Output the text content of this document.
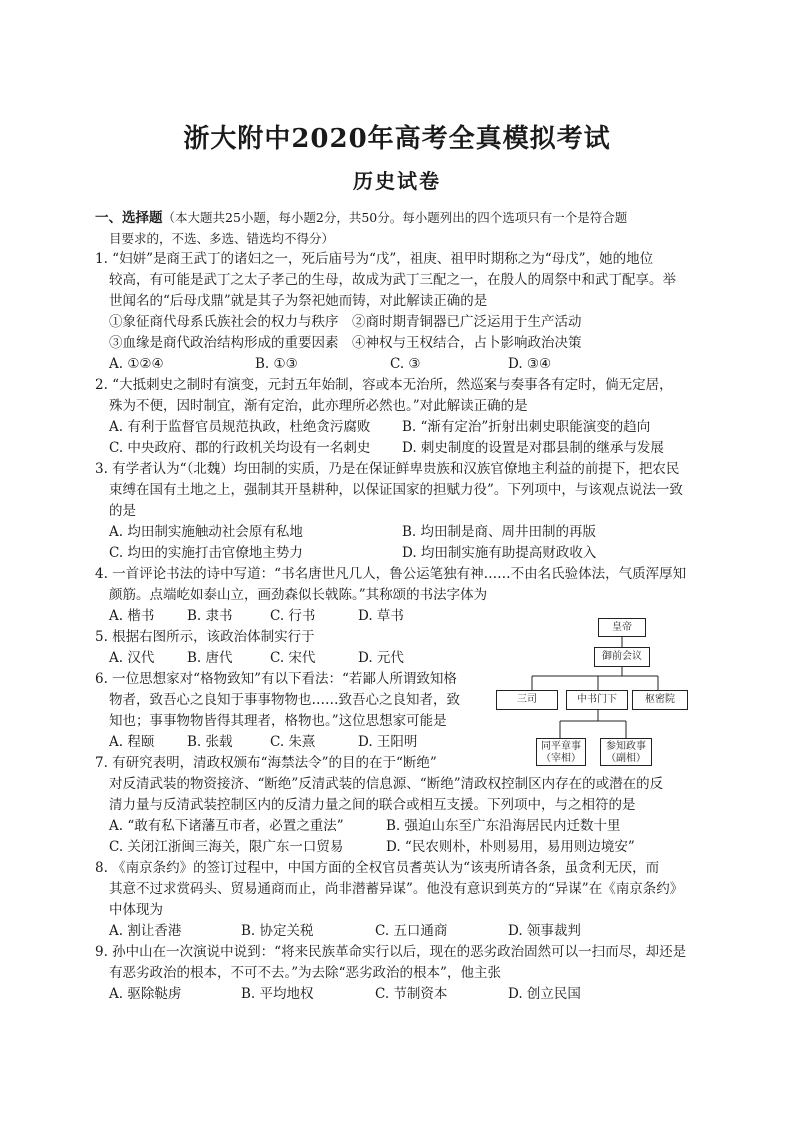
浙大附中2020年高考全真模拟考试
历史试卷
一、选择题（本大题共25小题，每小题2分，共50分。每小题列出的四个选项只有一个是符合题
目要求的，不选、多选、错选均不得分）
1. “妇姘”是商王武丁的诸妇之一，死后庙号为“戊”，祖庚、祖甲时期称之为“母戊”，她的地位
较高，有可能是武丁之太子孝己的生母，故成为武丁三配之一，在殷人的周祭中和武丁配享。举
世闻名的“后母戊鼎”就是其子为祭祀她而铸，对此解读正确的是
①象征商代母系氏族社会的权力与秩序　②商时期青铜器已广泛运用于生产活动
③血缘是商代政治结构形成的重要因素　④神权与王权结合，占卜影响政治决策
A. ①②④	B. ①③	C. ③	D. ③④
2. “大抵刺史之制时有演变，元封五年始制，容或本无治所，然巡案与奏事各有定时，倘无定居，
殊为不便，因时制宜，渐有定治，此亦理所必然也。”对此解读正确的是
A. 有利于监督官员规范执政，杜绝贪污腐败 B. “渐有定治”折射出刺史职能演变的趋向
C. 中央政府、郡的行政机关均设有一名刺史 D. 刺史制度的设置是对郡县制的继承与发展
3. 有学者认为“（北魏）均田制的实质，乃是在保证鲜卑贵族和汉族官僚地主利益的前提下，把农民
束缚在国有土地之上，强制其开垦耕种，以保证国家的担赋力役”。下列项中，与该观点说法一致
的是
A. 均田制实施触动社会原有私地	B. 均田制是商、周井田制的再版
C. 均田的实施打击官僚地主势力	D. 均田制实施有助提高财政收入
4. 一首评论书法的诗中写道：“书名唐世凡几人，鲁公运笔独有神……不由名氏验体法，气质浑厚知
颜筋。点端屹如泰山立，画劲森似长戟陈。”其称颂的书法字体为
A. 楷书 B. 隶书	C. 行书	D. 草书
5. 根据右图所示，该政治体制实行于
A. 汉代 B. 唐代	C. 宋代	D. 元代
6. 一位思想家对“格物致知”有以下看法：“若鄙人所谓致知格
物者，致吾心之良知于事事物物也……致吾心之良知者，致
知也；事事物物皆得其理者，格物也。”这位思想家可能是
A. 程颐 B. 张载	C. 朱熹	D. 王阳明
7. 有研究表明，清政权颁布“海禁法令”的目的在于“断绝”
对反清武装的物资接济、“断绝”反清武装的信息源、“断绝”清政权控制区内存在的或潜在的反
清力量与反清武装控制区内的反清力量之间的联合或相互支援。下列项中，与之相符的是
A. “敢有私下诸藩互市者，必置之重法”	B. 强迫山东至广东沿海居民内迁数十里
C. 关闭江浙闽三海关，限广东一口贸易	D. “民农则朴，朴则易用，易用则边境安”
8. 《南京条约》的签订过程中，中国方面的全权官员耆英认为“该夷所请各条，虽贪利无厌，而
其意不过求赏码头、贸易通商而止，尚非潜蓄异谋”。他没有意识到英方的“异谋”在《南京条约》
中体现为
A. 割让香港	B. 协定关税	C. 五口通商	D. 领事裁判
9. 孙中山在一次演说中说到：“将来民族革命实行以后，现在的恶劣政治固然可以一扫而尽，却还是
有恶劣政治的根本，不可不去。”为去除“恶劣政治的根本”，他主张
A. 驱除鞑虏	B. 平均地权	C. 节制资本	D. 创立民国
皇帝
御前会议
三司	中书门下	枢密院
同平章事
（宰相）
参知政事
（副相）
